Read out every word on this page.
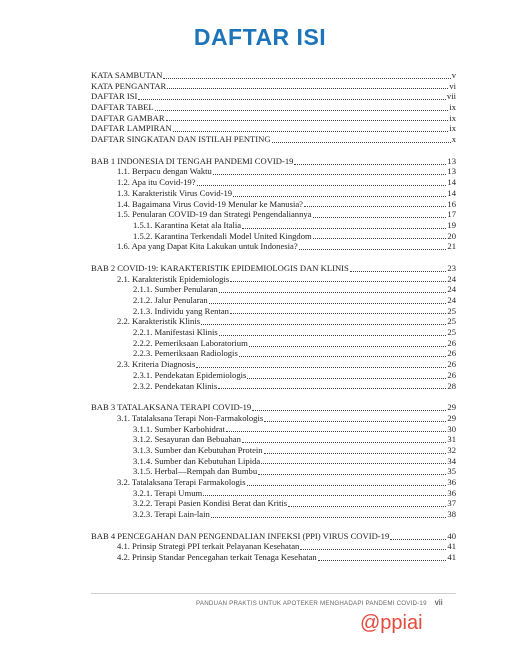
DAFTAR ISI
KATA SAMBUTAN	v
KATA PENGANTAR	vi
DAFTAR ISI	vii
DAFTAR TABEL	ix
DAFTAR GAMBAR	ix
DAFTAR LAMPIRAN	ix
DAFTAR SINGKATAN DAN ISTILAH PENTING	x
BAB 1 INDONESIA DI TENGAH PANDEMI COVID-19	13
1.1. Berpacu dengan Waktu	13
1.2. Apa itu Covid-19?	14
1.3. Karakteristik Virus Covid-19	14
1.4. Bagaimana Virus Covid-19 Menular ke Manusia?	16
1.5. Penularan COVID-19 dan Strategi Pengendaliannya	17
1.5.1. Karantina Ketat ala Italia	19
1.5.2. Karantina Terkendali Model United Kingdom	20
1.6. Apa yang Dapat Kita Lakukan untuk Indonesia?	21
BAB 2 COVID-19: KARAKTERISTIK EPIDEMIOLOGIS DAN KLINIS	23
2.1. Karakteristik Epidemiologis	24
2.1.1. Sumber Penularan	24
2.1.2. Jalur Penularan	24
2.1.3. Individu yang Rentan	25
2.2. Karakteristik Klinis	25
2.2.1. Manifestasi Klinis	25
2.2.2. Pemeriksaan Laboratorium	26
2.2.3. Pemeriksaan Radiologis	26
2.3. Kriteria Diagnosis	26
2.3.1. Pendekatan Epidemiologis	26
2.3.2. Pendekatan Klinis	28
BAB 3 TATALAKSANA TERAPI COVID-19	29
3.1. Tatalaksana Terapi Non-Farmakologis	29
3.1.1. Sumber Karbohidrat	30
3.1.2. Sesayuran dan Bebuahan	31
3.1.3. Sumber dan Kebutuhan Protein	32
3.1.4. Sumber dan Kebutuhan Lipida	34
3.1.5. Herbal—Rempah dan Bumbu	35
3.2. Tatalaksana Terapi Farmakologis	36
3.2.1. Terapi Umum	36
3.2.2. Terapi Pasien Kondisi Berat dan Kritis	37
3.2.3. Terapi Lain-lain	38
BAB 4 PENCEGAHAN DAN PENGENDALIAN INFEKSI (PPI) VIRUS COVID-19	40
4.1. Prinsip Strategi PPI terkait Pelayanan Kesehatan	41
4.2. Prinsip Standar Pencegahan terkait Tenaga Kesehatan	41
PANDUAN PRAKTIS UNTUK APOTEKER MENGHADAPI PANDEMI COVID-19 vii
@ppiai
